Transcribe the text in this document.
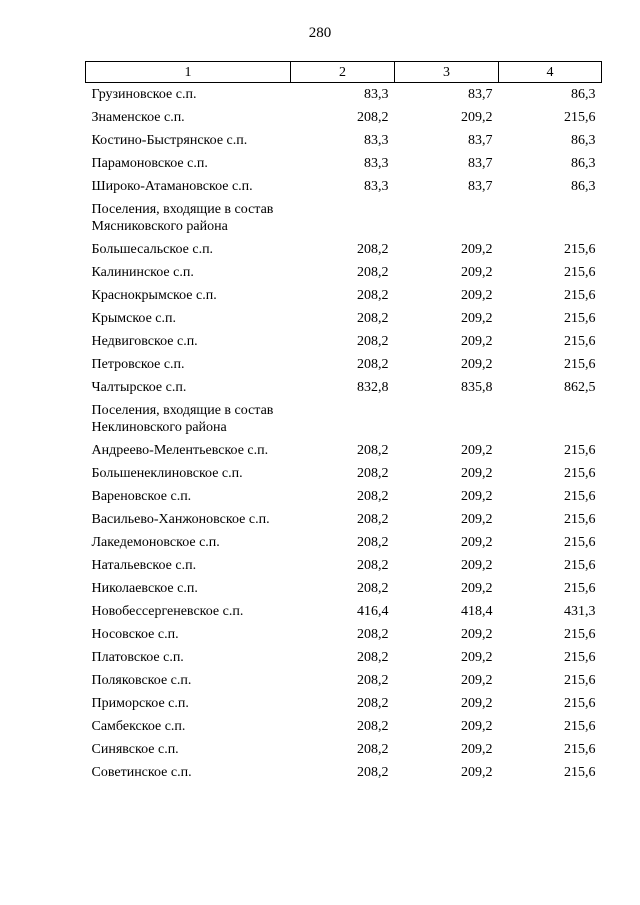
280
1	2	3	4
Грузиновское с.п.	83,3	83,7	86,3
Знаменское с.п.	208,2	209,2	215,6
Костино-Быстрянское с.п.	83,3	83,7	86,3
Парамоновское с.п.	83,3	83,7	86,3
Широко-Атамановское с.п.	83,3	83,7	86,3
Поселения, входящие в состав Мясниковского района			
Большесальское с.п.	208,2	209,2	215,6
Калининское с.п.	208,2	209,2	215,6
Краснокрымское с.п.	208,2	209,2	215,6
Крымское с.п.	208,2	209,2	215,6
Недвиговское с.п.	208,2	209,2	215,6
Петровское с.п.	208,2	209,2	215,6
Чалтырское с.п.	832,8	835,8	862,5
Поселения, входящие в состав Неклиновского района			
Андреево-Мелентьевское с.п.	208,2	209,2	215,6
Большенеклиновское с.п.	208,2	209,2	215,6
Вареновское с.п.	208,2	209,2	215,6
Васильево-Ханжоновское с.п.	208,2	209,2	215,6
Лакедемоновское с.п.	208,2	209,2	215,6
Натальевское с.п.	208,2	209,2	215,6
Николаевское с.п.	208,2	209,2	215,6
Новобессергеневское с.п.	416,4	418,4	431,3
Носовское с.п.	208,2	209,2	215,6
Платовское с.п.	208,2	209,2	215,6
Поляковское с.п.	208,2	209,2	215,6
Приморское с.п.	208,2	209,2	215,6
Самбекское с.п.	208,2	209,2	215,6
Синявское с.п.	208,2	209,2	215,6
Советинское с.п.	208,2	209,2	215,6
